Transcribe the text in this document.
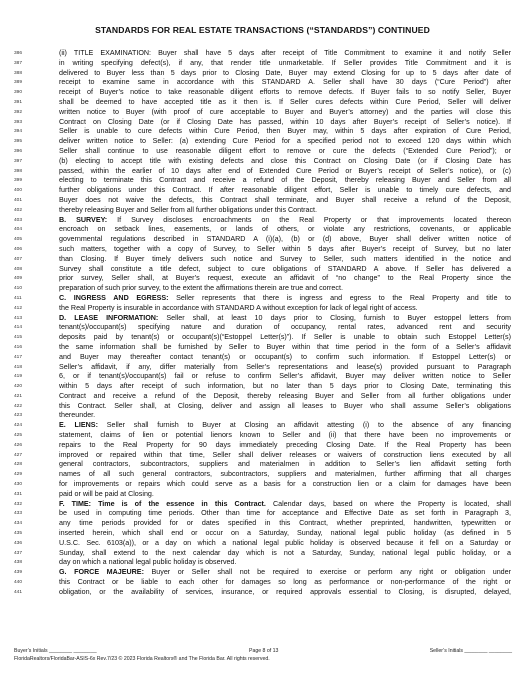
STANDARDS FOR REAL ESTATE TRANSACTIONS (“STANDARDS”) CONTINUED
386	(ii) TITLE EXAMINATION: Buyer shall have 5 days after receipt of Title Commitment to examine it and notify Seller
387	in writing specifying defect(s), if any, that render title unmarketable. If Seller provides Title Commitment and it is
388	delivered to Buyer less than 5 days prior to Closing Date, Buyer may extend Closing for up to 5 days after date of
389	receipt to examine same in accordance with this STANDARD A. Seller shall have 30 days (“Cure Period”) after
390	receipt of Buyer’s notice to take reasonable diligent efforts to remove defects. If Buyer fails to so notify Seller, Buyer
391	shall be deemed to have accepted title as it then is. If Seller cures defects within Cure Period, Seller will deliver
392	written notice to Buyer (with proof of cure acceptable to Buyer and Buyer’s attorney) and the parties will close this
393	Contract on Closing Date (or if Closing Date has passed, within 10 days after Buyer’s receipt of Seller’s notice). If
394	Seller is unable to cure defects within Cure Period, then Buyer may, within 5 days after expiration of Cure Period,
395	deliver written notice to Seller: (a) extending Cure Period for a specified period not to exceed 120 days within which
396	Seller shall continue to use reasonable diligent effort to remove or cure the defects (“Extended Cure Period”); or
397	(b) electing to accept title with existing defects and close this Contract on Closing Date (or if Closing Date has
398	passed, within the earlier of 10 days after end of Extended Cure Period or Buyer’s receipt of Seller’s notice), or (c)
399	electing to terminate this Contract and receive a refund of the Deposit, thereby releasing Buyer and Seller from all
400	further obligations under this Contract. If after reasonable diligent effort, Seller is unable to timely cure defects, and
401	Buyer does not waive the defects, this Contract shall terminate, and Buyer shall receive a refund of the Deposit,
402	thereby releasing Buyer and Seller from all further obligations under this Contract.
403	B. SURVEY: If Survey discloses encroachments on the Real Property or that improvements located thereon
404	encroach on setback lines, easements, or lands of others, or violate any restrictions, covenants, or applicable
405	governmental regulations described in STANDARD A (i)(a), (b) or (d) above, Buyer shall deliver written notice of
406	such matters, together with a copy of Survey, to Seller within 5 days after Buyer’s receipt of Survey, but no later
407	than Closing. If Buyer timely delivers such notice and Survey to Seller, such matters identified in the notice and
408	Survey shall constitute a title defect, subject to cure obligations of STANDARD A above. If Seller has delivered a
409	prior survey, Seller shall, at Buyer’s request, execute an affidavit of “no change” to the Real Property since the
410	preparation of such prior survey, to the extent the affirmations therein are true and correct.
411	C. INGRESS AND EGRESS: Seller represents that there is ingress and egress to the Real Property and title to
412	the Real Property is insurable in accordance with STANDARD A without exception for lack of legal right of access.
413	D. LEASE INFORMATION: Seller shall, at least 10 days prior to Closing, furnish to Buyer estoppel letters from
414	tenant(s)/occupant(s) specifying nature and duration of occupancy, rental rates, advanced rent and security
415	deposits paid by tenant(s) or occupant(s)(“Estoppel Letter(s)”). If Seller is unable to obtain such Estoppel Letter(s)
416	the same information shall be furnished by Seller to Buyer within that time period in the form of a Seller’s affidavit
417	and Buyer may thereafter contact tenant(s) or occupant(s) to confirm such information. If Estoppel Letter(s) or
418	Seller’s affidavit, if any, differ materially from Seller’s representations and lease(s) provided pursuant to Paragraph
419	6, or if tenant(s)/occupant(s) fail or refuse to confirm Seller’s affidavit, Buyer may deliver written notice to Seller
420	within 5 days after receipt of such information, but no later than 5 days prior to Closing Date, terminating this
421	Contract and receive a refund of the Deposit, thereby releasing Buyer and Seller from all further obligations under
422	this Contract. Seller shall, at Closing, deliver and assign all leases to Buyer who shall assume Seller’s obligations
423	thereunder.
424	E. LIENS: Seller shall furnish to Buyer at Closing an affidavit attesting (i) to the absence of any financing
425	statement, claims of lien or potential lienors known to Seller and (ii) that there have been no improvements or
426	repairs to the Real Property for 90 days immediately preceding Closing Date. If the Real Property has been
427	improved or repaired within that time, Seller shall deliver releases or waivers of construction liens executed by all
428	general contractors, subcontractors, suppliers and materialmen in addition to Seller’s lien affidavit setting forth
429	names of all such general contractors, subcontractors, suppliers and materialmen, further affirming that all charges
430	for improvements or repairs which could serve as a basis for a construction lien or a claim for damages have been
431	paid or will be paid at Closing.
432	F. TIME: Time is of the essence in this Contract. Calendar days, based on where the Property is located, shall
433	be used in computing time periods. Other than time for acceptance and Effective Date as set forth in Paragraph 3,
434	any time periods provided for or dates specified in this Contract, whether preprinted, handwritten, typewritten or
435	inserted herein, which shall end or occur on a Saturday, Sunday, national legal public holiday (as defined in 5
436	U.S.C. Sec. 6103(a)), or a day on which a national legal public holiday is observed because it fell on a Saturday or
437	Sunday, shall extend to the next calendar day which is not a Saturday, Sunday, national legal public holiday, or a
438	day on which a national legal public holiday is observed.
439	G. FORCE MAJEURE: Buyer or Seller shall not be required to exercise or perform any right or obligation under
440	this Contract or be liable to each other for damages so long as performance or non-performance of the right or
441	obligation, or the availability of services, insurance, or required approvals essential to Closing, is disrupted, delayed,
Buyer’s Initials ________ ________	Page 8 of 13	Seller’s Initials ________ ________
FloridaRealtors/FloridaBar-ASIS-6x Rev.7/23 © 2023 Florida Realtors® and The Florida Bar. All rights reserved.
